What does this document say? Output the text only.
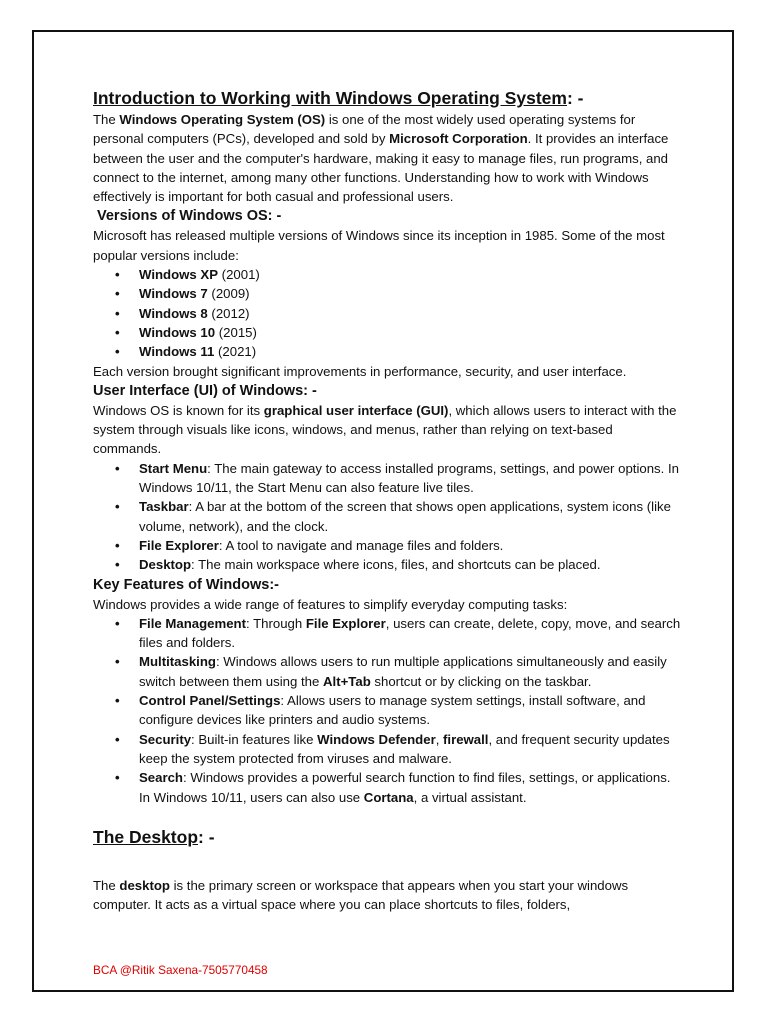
Introduction to Working with Windows Operating System: -

The Windows Operating System (OS) is one of the most widely used operating systems for personal computers (PCs), developed and sold by Microsoft Corporation. It provides an interface between the user and the computer's hardware, making it easy to manage files, run programs, and connect to the internet, among many other functions. Understanding how to work with Windows effectively is important for both casual and professional users.

Versions of Windows OS: -

Microsoft has released multiple versions of Windows since its inception in 1985. Some of the most popular versions include:

• Windows XP (2001)
• Windows 7 (2009)
• Windows 8 (2012)
• Windows 10 (2015)
• Windows 11 (2021)

Each version brought significant improvements in performance, security, and user interface.

User Interface (UI) of Windows: -

Windows OS is known for its graphical user interface (GUI), which allows users to interact with the system through visuals like icons, windows, and menus, rather than relying on text-based commands.

• Start Menu: The main gateway to access installed programs, settings, and power options. In Windows 10/11, the Start Menu can also feature live tiles.
• Taskbar: A bar at the bottom of the screen that shows open applications, system icons (like volume, network), and the clock.
• File Explorer: A tool to navigate and manage files and folders.
• Desktop: The main workspace where icons, files, and shortcuts can be placed.
Key Features of Windows:-

Windows provides a wide range of features to simplify everyday computing tasks:

• File Management: Through File Explorer, users can create, delete, copy, move, and search files and folders.
• Multitasking: Windows allows users to run multiple applications simultaneously and easily switch between them using the Alt+Tab shortcut or by clicking on the taskbar.
• Control Panel/Settings: Allows users to manage system settings, install software, and configure devices like printers and audio systems.
• Security: Built-in features like Windows Defender, firewall, and frequent security updates keep the system protected from viruses and malware.
• Search: Windows provides a powerful search function to find files, settings, or applications. In Windows 10/11, users can also use Cortana, a virtual assistant.
The Desktop: -

The desktop is the primary screen or workspace that appears when you start your windows computer. It acts as a virtual space where you can place shortcuts to files, folders,

BCA @Ritik Saxena-7505770458
